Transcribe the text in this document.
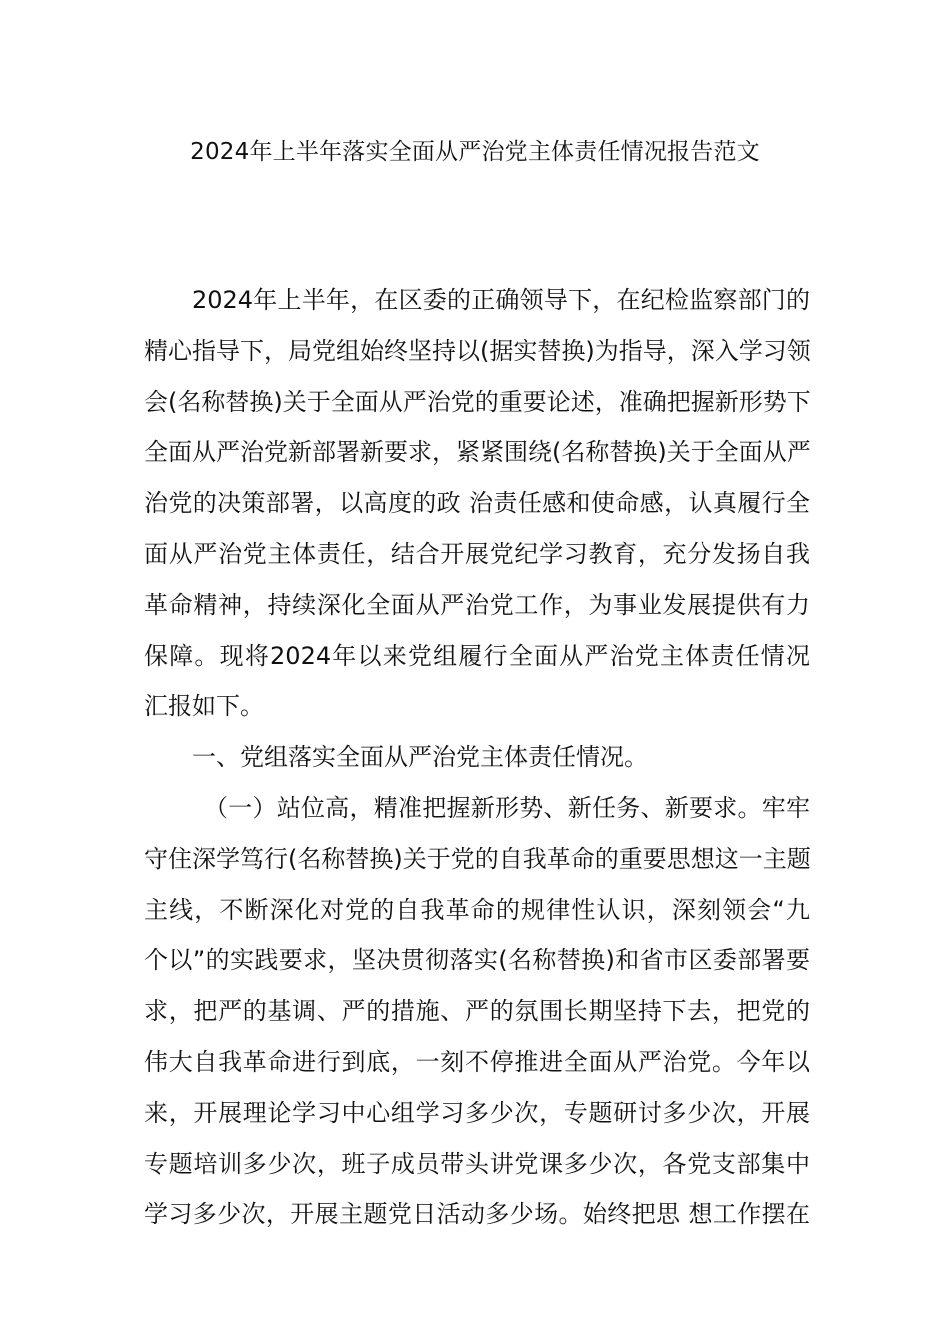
2024年上半年落实全面从严治党主体责任情况报告范文
2024年上半年，在区委的正确领导下，在纪检监察部门的
精心指导下，局党组始终坚持以(据实替换)为指导，深入学习领
会(名称替换)关于全面从严治党的重要论述，准确把握新形势下
全面从严治党新部署新要求，紧紧围绕(名称替换)关于全面从严
治党的决策部署，以高度的政 治责任感和使命感，认真履行全
面从严治党主体责任，结合开展党纪学习教育，充分发扬自我
革命精神，持续深化全面从严治党工作，为事业发展提供有力
保障。现将2024年以来党组履行全面从严治党主体责任情况
汇报如下。
一、党组落实全面从严治党主体责任情况。
（一）站位高，精准把握新形势、新任务、新要求。牢牢
守住深学笃行(名称替换)关于党的自我革命的重要思想这一主题
主线，不断深化对党的自我革命的规律性认识，深刻领会“九
个以”的实践要求，坚决贯彻落实(名称替换)和省市区委部署要
求，把严的基调、严的措施、严的氛围长期坚持下去，把党的
伟大自我革命进行到底，一刻不停推进全面从严治党。今年以
来，开展理论学习中心组学习多少次，专题研讨多少次，开展
专题培训多少次，班子成员带头讲党课多少次，各党支部集中
学习多少次，开展主题党日活动多少场。始终把思 想工作摆在
